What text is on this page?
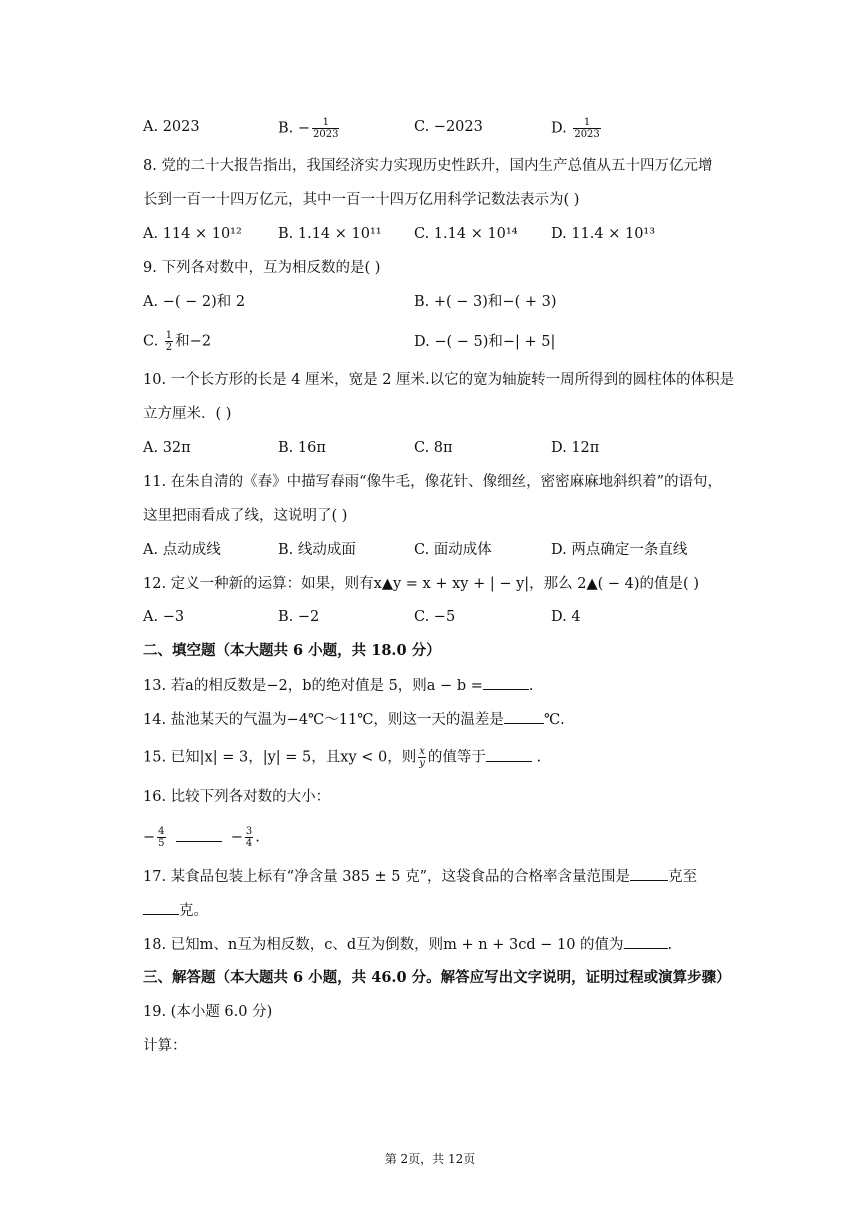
A. 2023	B. − $\frac{1}{2023}$	C. −2023	D. $\frac{1}{2023}$
8. 党的二十大报告指出，我国经济实力实现历史性跃升，国内生产总值从五十四万亿元增
长到一百一十四万亿元，其中一百一十四万亿用科学记数法表示为( )
A. 114 × 10¹² B. 1.14 × 10¹¹ C. 1.14 × 10¹⁴ D. 11.4 × 10¹³
9. 下列各对数中，互为相反数的是( )
A. −( − 2)和 2	B. +( − 3)和−( + 3)
C. $\frac{1}{2}$ 和−2	D. −( − 5)和−| + 5|
10. 一个长方形的长是 4 厘米，宽是 2 厘米.以它的宽为轴旋转一周所得到的圆柱体的体积是
立方厘米．( )
A. 32π	B. 16π	C. 8π	D. 12π
11. 在朱自清的《春》中描写春雨“像牛毛，像花针、像细丝，密密麻麻地斜织着”的语句，
这里把雨看成了线，这说明了( )
A. 点动成线	B. 线动成面	C. 面动成体	D. 两点确定一条直线
12. 定义一种新的运算：如果，则有x▲y = x + xy + | − y|，那么 2▲( − 4)的值是( )
A. −3	B. −2	C. −5	D. 4
二、填空题（本大题共 6 小题，共 18.0 分）
13. 若a的相反数是−2，b的绝对值是 5，则a − b =	.
14. 盐池某天的气温为−4℃～11℃，则这一天的温差是	℃.
15. 已知|x| = 3，|y| = 5，且xy < 0，则 $\frac{x}{y}$ 的值等于	.
16. 比较下列各对数的大小：
− $\frac{4}{5}$	− $\frac{3}{4}$ .
17. 某食品包装上标有“净含量 385 ± 5 克”，这袋食品的合格率含量范围是	克至
克。
18. 已知m、n互为相反数，c、d互为倒数，则m + n + 3cd − 10 的值为	.
三、解答题（本大题共 6 小题，共 46.0 分。解答应写出文字说明，证明过程或演算步骤）
19. (本小题 6.0 分)
计算：
第 2页，共 12页
